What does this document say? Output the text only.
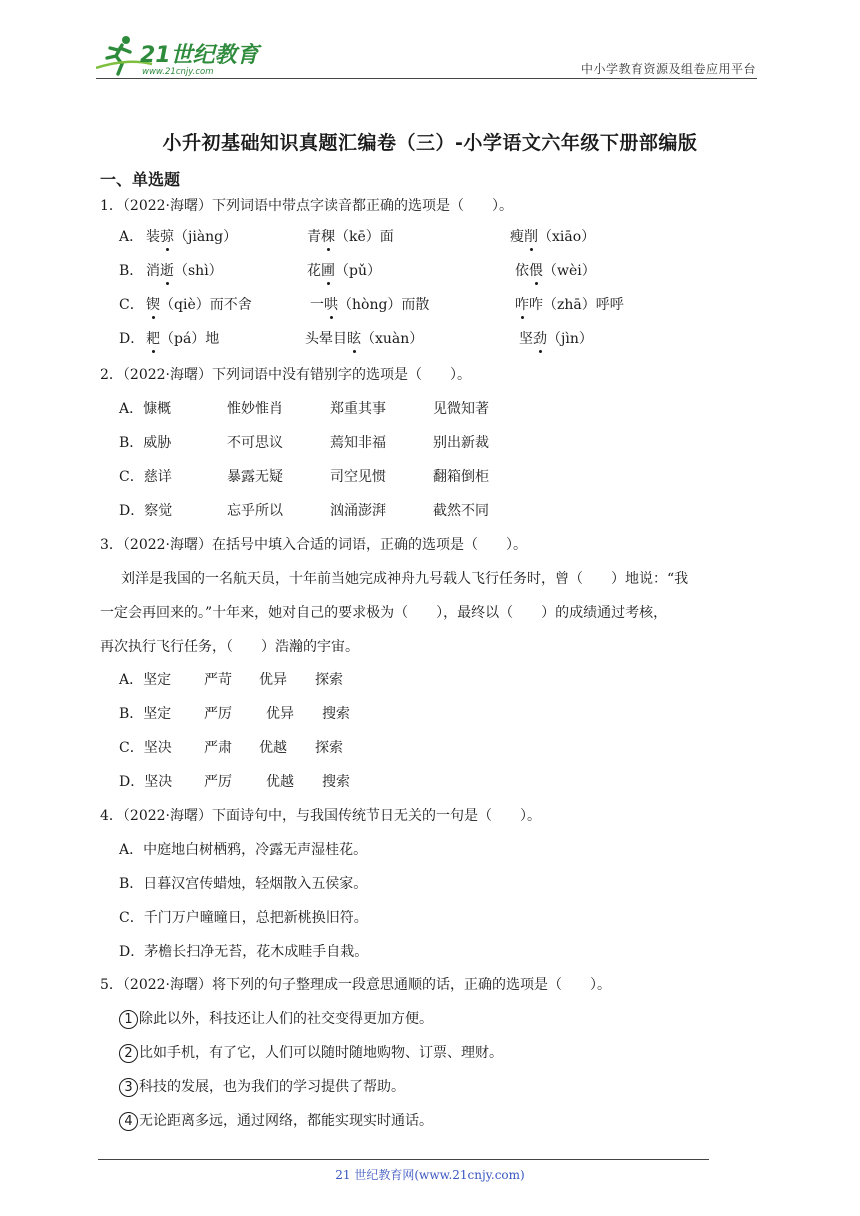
21世纪教育
www.21cnjy.com	中小学教育资源及组卷应用平台
小升初基础知识真题汇编卷（三）-小学语文六年级下册部编版
一、单选题
1．（2022·海曙）下列词语中带点字读音都正确的选项是（　　）。
A． 装弶（jiàng）	青稞（kē）面	瘦削（xiāo）
B． 消逝（shì）	花圃（pǔ）	依偎（wèi）
C． 锲（qiè）而不舍	一哄（hòng）而散	咋咋（zhā）呼呼
D． 耙（pá）地	头晕目眩（xuàn）	坚劲（jìn）
2．（2022·海曙）下列词语中没有错别字的选项是（　　）。
A．慷概	惟妙惟肖	郑重其事	见微知著
B．威胁	不可思议	蔫知非福	别出新裁
C．慈详	暴露无疑	司空见惯	翻箱倒柜
D．察觉	忘乎所以	汹涌澎湃	截然不同
3．（2022·海曙）在括号中填入合适的词语，正确的选项是（　　）。
刘洋是我国的一名航天员，十年前当她完成神舟九号载人飞行任务时，曾（　　）地说：“我
一定会再回来的。”十年来，她对自己的要求极为（　　），最终以（　　）的成绩通过考核，
再次执行飞行任务，（　　）浩瀚的宇宙。
A．坚定 严苛 优异 探索
B．坚定 严厉 优异 搜索
C．坚决 严肃 优越 探索
D．坚决 严厉 优越 搜索
4．（2022·海曙）下面诗句中，与我国传统节日无关的一句是（　　）。
A．中庭地白树栖鸦，冷露无声湿桂花。
B．日暮汉宫传蜡烛，轻烟散入五侯家。
C．千门万户曈曈日，总把新桃换旧符。
D．茅檐长扫净无苔，花木成畦手自栽。
5．（2022·海曙）将下列的句子整理成一段意思通顺的话，正确的选项是（　　）。
1 除此以外，科技还让人们的社交变得更加方便。
2 比如手机，有了它，人们可以随时随地购物、订票、理财。
3 科技的发展，也为我们的学习提供了帮助。
4 无论距离多远，通过网络，都能实现实时通话。
21 世纪教育网(www.21cnjy.com)
